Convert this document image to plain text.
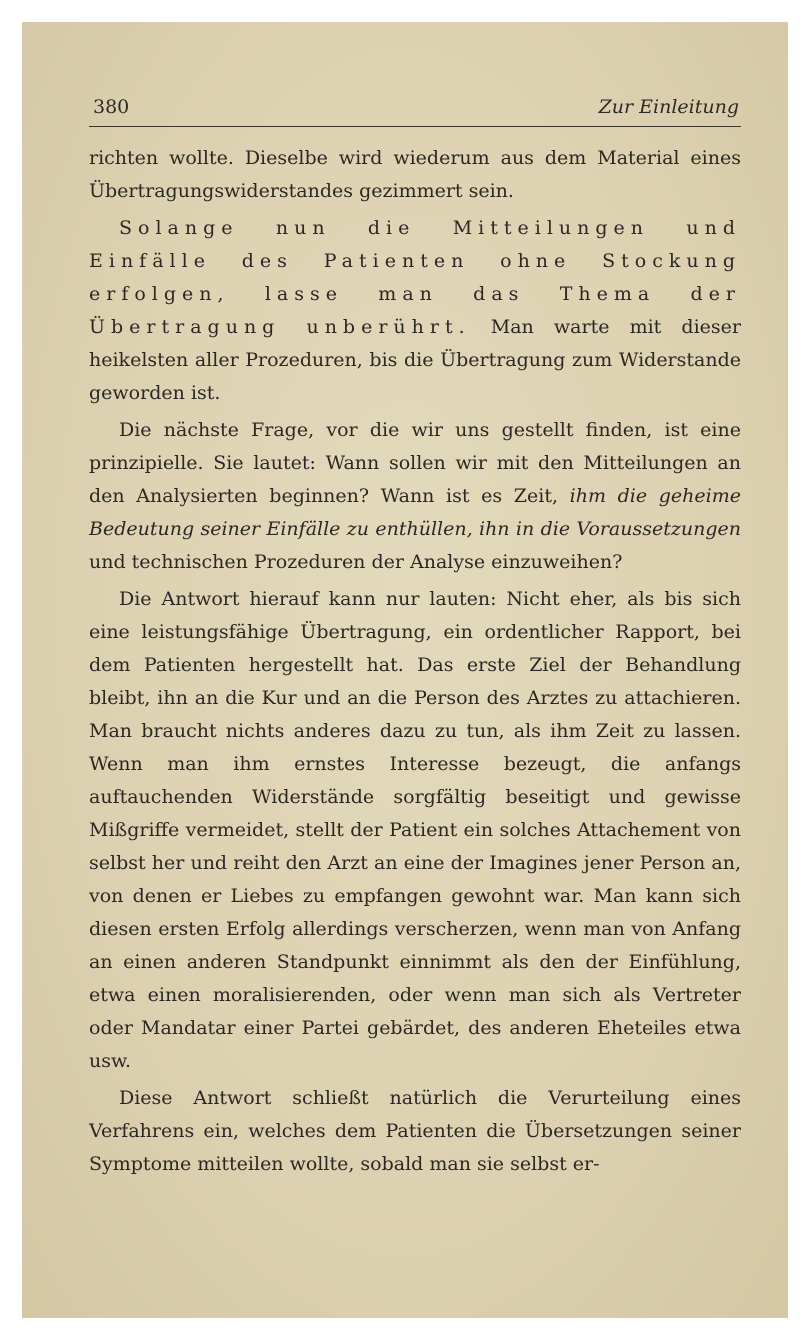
380	Zur Einleitung

richten wollte. Dieselbe wird wiederum aus dem Material eines Übertragungswiderstandes gezimmert sein.

Solange nun die Mitteilungen und Einfälle des Patienten ohne Stockung erfolgen, lasse man das Thema der Übertragung unberührt. Man warte mit dieser heikelsten aller Prozeduren, bis die Übertragung zum Widerstande geworden ist.

Die nächste Frage, vor die wir uns gestellt finden, ist eine prinzipielle. Sie lautet: Wann sollen wir mit den Mitteilungen an den Analysierten beginnen? Wann ist es Zeit, ihm die geheime Bedeutung seiner Einfälle zu enthüllen, ihn in die Voraussetzungen und technischen Prozeduren der Analyse einzuweihen?

Die Antwort hierauf kann nur lauten: Nicht eher, als bis sich eine leistungsfähige Übertragung, ein ordentlicher Rapport, bei dem Patienten hergestellt hat. Das erste Ziel der Behandlung bleibt, ihn an die Kur und an die Person des Arztes zu attachieren. Man braucht nichts anderes dazu zu tun, als ihm Zeit zu lassen. Wenn man ihm ernstes Interesse bezeugt, die anfangs auftauchenden Widerstände sorgfältig beseitigt und gewisse Mißgriffe vermeidet, stellt der Patient ein solches Attachement von selbst her und reiht den Arzt an eine der Imagines jener Person an, von denen er Liebes zu empfangen gewohnt war. Man kann sich diesen ersten Erfolg allerdings verscherzen, wenn man von Anfang an einen anderen Standpunkt einnimmt als den der Einfühlung, etwa einen moralisierenden, oder wenn man sich als Vertreter oder Mandatar einer Partei gebärdet, des anderen Eheteiles etwa usw.

Diese Antwort schließt natürlich die Verurteilung eines Verfahrens ein, welches dem Patienten die Übersetzungen seiner Symptome mitteilen wollte, sobald man sie selbst er-
